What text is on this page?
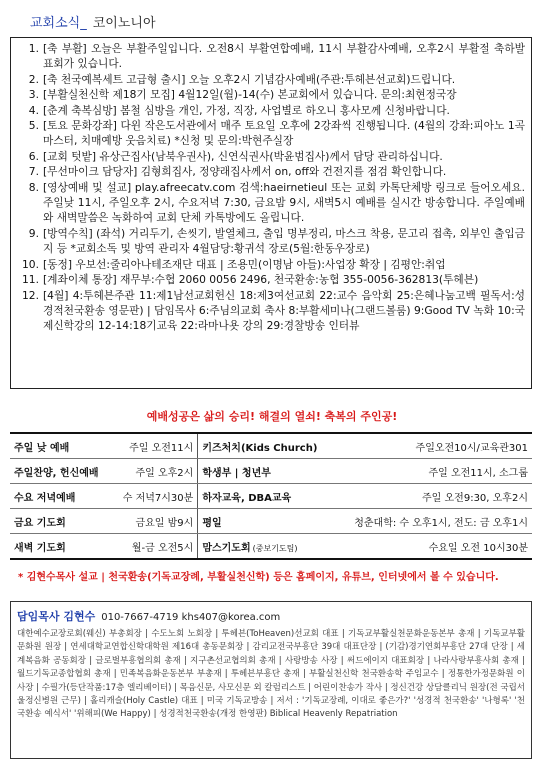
교회소식_ 코이노니아
1. [축 부활] 오늘은 부활주일입니다. 오전8시 부활연합예배, 11시 부활감사예배, 오후2시 부활절 축하발표회가 있습니다.
2. [축 천국예복세트 고급형 출시] 오늘 오후2시 기념감사예배(주관:투헤븐선교회)드립니다.
3. [부활실천신학 제18기 모집] 4월12일(월)-14(수) 본교회에서 있습니다. 문의:최현정국장
4. [춘계 축복심방] 봄철 심방을 개인, 가정, 직장, 사업별로 하오니 홍사모께 신청바랍니다.
5. [토요 문화강좌] 다윈 작은도서관에서 매주 토요일 오후에 2강좌씩 진행됩니다. (4월의 강좌:피아노 1곡 마스터, 치매예방 웃음치료) *신청 및 문의:박현주실장
6. [교회 텃밭] 유상근집사(남북우권사), 신연식권사(박윤범집사)께서 담당 관리하십니다.
7. [무선마이크 담당자] 김형희집사, 정양래집사께서 on, off와 건전지를 점검 확인합니다.
8. [영상예배 및 설교] play.afreecatv.com 검색:haeirnetieul 또는 교회 카톡단체방 링크로 들어오세요. 주일낮 11시, 주일오후 2시, 수요저녁 7:30, 금요밤 9시, 새벽5시 예배를 실시간 방송합니다. 주일예배와 새벽말씀은 녹화하여 교회 단체 카톡방에도 올립니다.
9. [방역수칙] (좌석) 거리두기, 손씻기, 발열체크, 출입 명부정리, 마스크 착용, 문고리 접촉, 외부인 출입금지 등 *교회소독 및 방역 관리자 4월담당:황귀석 장로(5월:한동우장로)
10. [동정] 우보선:줄리아나테조재단 대표 | 조용민(이명남 아들):사업장 확장 | 김평안:취업
11. [계좌이체 통장] 재무부:수협 2060 0056 2496, 천국환송:농협 355-0056-362813(투헤븐)
12. [4월] 4:투헤븐주관 11:제1남선교회헌신 18:제3여선교회 22:교수 음악회 25:은혜나눔고백 필독서:성경적천국환송 영문판) | 담임목사 6:주님의교회 축사 8:부활세미나(그랜드볼룸) 9:Good TV 녹화 10:국제신학강의 12-14:18기교육 22:라마나욧 강의 29:경찰방송 인터뷰
예배성공은 삶의 승리! 해결의 열쇠! 축복의 주인공!
주일 낮 예배	주일 오전11시	키즈처치(Kids Church)	주일오전10시/교육관301
주일찬양, 헌신예배	주일 오후2시	학생부 | 청년부	주일 오전11시, 소그룹
수요 저녁예배	수 저녁7시30분	하자교육, DBA교육	주일 오전9:30, 오후2시
금요 기도회	금요일 밤9시	평일	청춘대학: 수 오후1시, 전도: 금 오후1시
새벽 기도회	월-금 오전5시	맘스기도회 (중보기도팀)	수요일 오전 10시30분
* 김현수목사 설교 | 천국환송(기독교장례, 부활실천신학) 등은 홈페이지, 유튜브, 인터넷에서 볼 수 있습니다.
담임목사 김현수 010-7667-4719 khs407@korea.com
대한예수교장로회(웨신) 부총회장 | 수도노회 노회장 | 투헤븐(ToHeaven)선교회 대표 | 기독교부활실천문화운동본부 총재 | 기독교부활문화원 원장 | 연세대학교연합신학대학원 제16대 총동문회장 | 감리교전국부흥단 39대 대표단장 | (기감)경기연회부흥단 27대 단장 | 세계복음화 공동회장 | 글로벌부흥협의회 총재 | 지구촌선교협의회 총재 | 사랑방송 사장 | 써드에이지 대표회장 | 나라사랑부흥사회 총재 | 월드기독교종합협회 총재 | 민족복음화운동본부 부총재 | 투헤븐부흥단 총재 | 부활실천신학 천국환송학 주임교수 | 정통한가정문화원 이사장 | 수필가(등단작품:17층 엘리베이터) | 목음신문, 사모신문 외 칼럼리스트 | 어린이찬송가 작사 | 정신건강 상담클리닉 원장(전 국립서울정신병원 근무) | 홀리캐슬(Holy Castle) 대표 | 미국 기독교방송 | 저서 : '기독교장례, 이대로 좋은가?' '성경적 천국환송' '나형록' '천국환송 예식서' '위해피(We Happy) | 성경적천국환송(개정 한영판) Biblical Heavenly Repatriation
